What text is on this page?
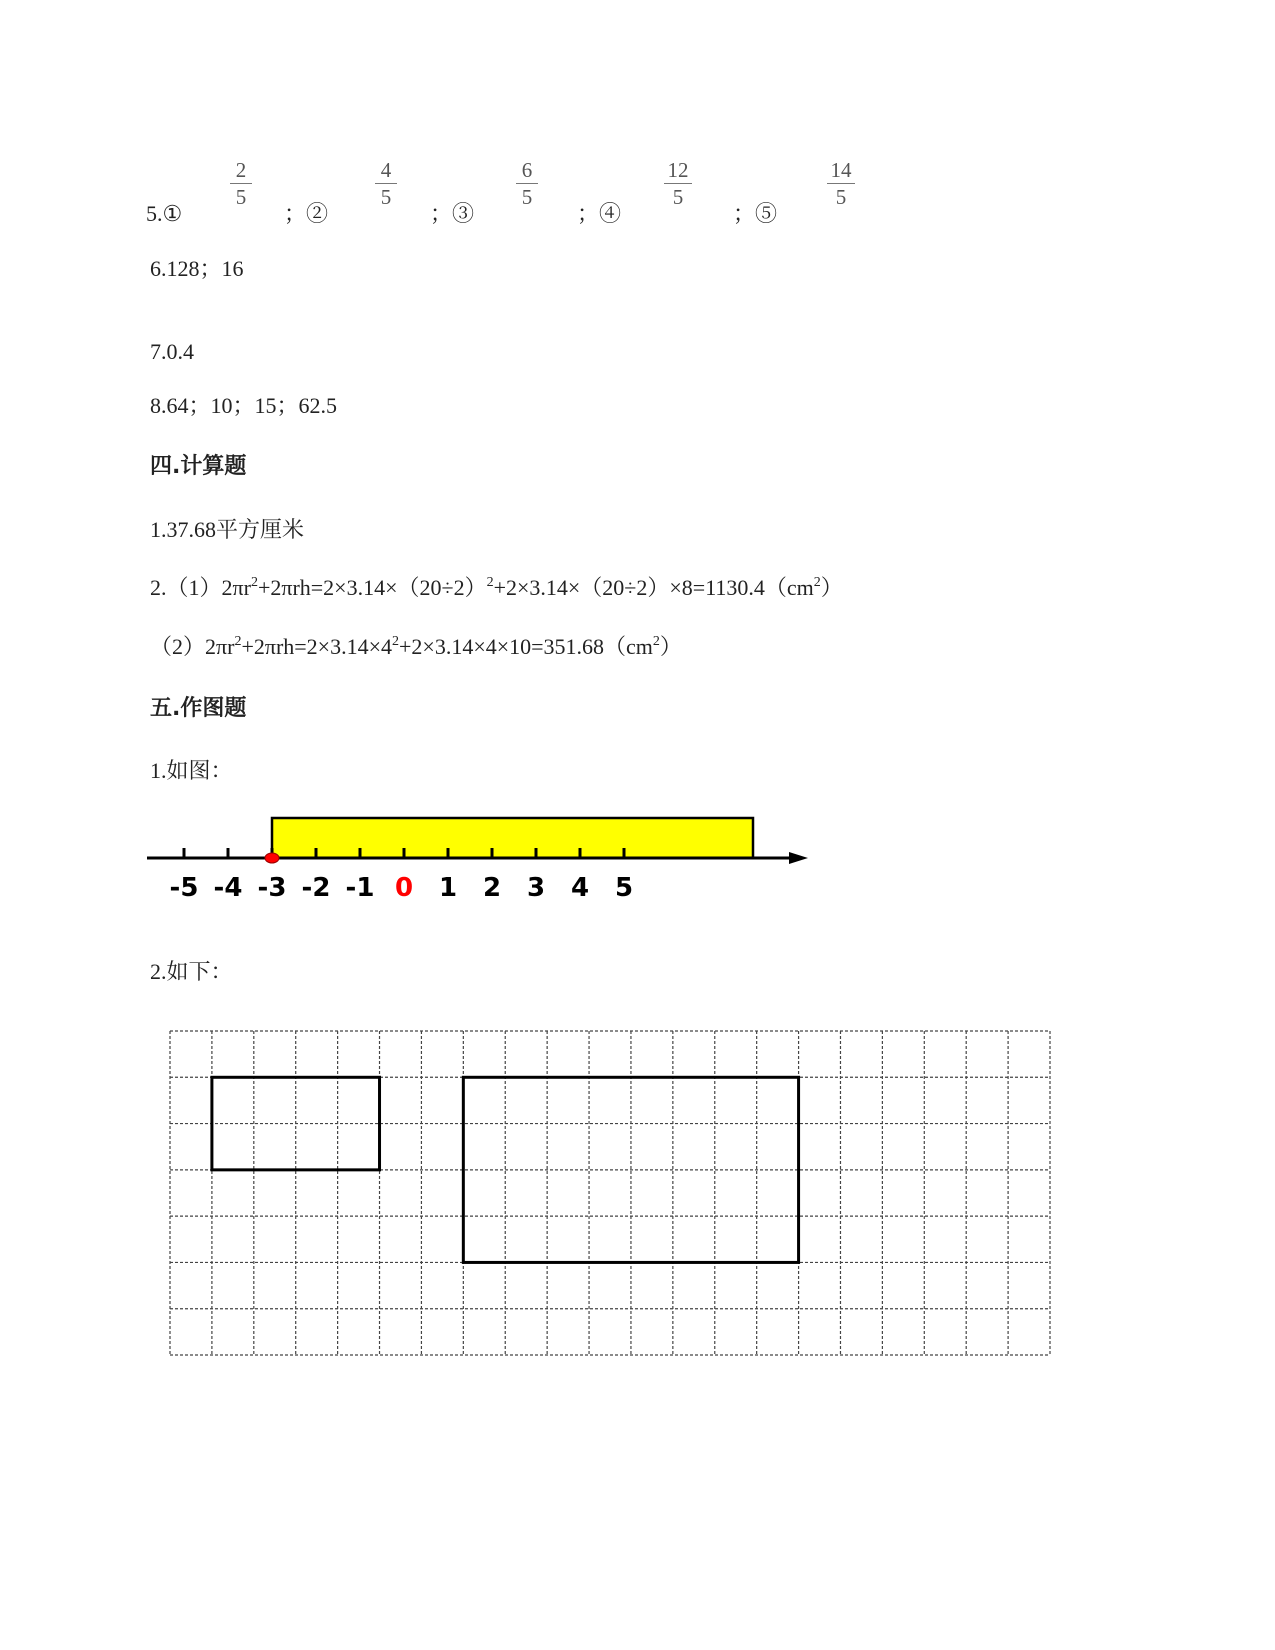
5.①
2
5
；②
4
5
；③
6
5
；④
12
5
；⑤
14
5
6.128；16
7.0.4
8.64；10；15；62.5
四.计算题
1.37.68平方厘米
$2.(1)2\pi r^2+2\pi rh=2\times 3.14\times(20\div 2)^2+2\times 3.14\times(20\div 2)\times 8=1130.4(cm^2)$
$(2)2\pi r^2+2\pi rh=2\times 3.14\times 4^2+2\times 3.14\times 4\times 10=351.68(cm^2)$
五.作图题
1.如图：
-5 -4 -3 -2 -1 0 1 2 3 4 5
2.如下：
